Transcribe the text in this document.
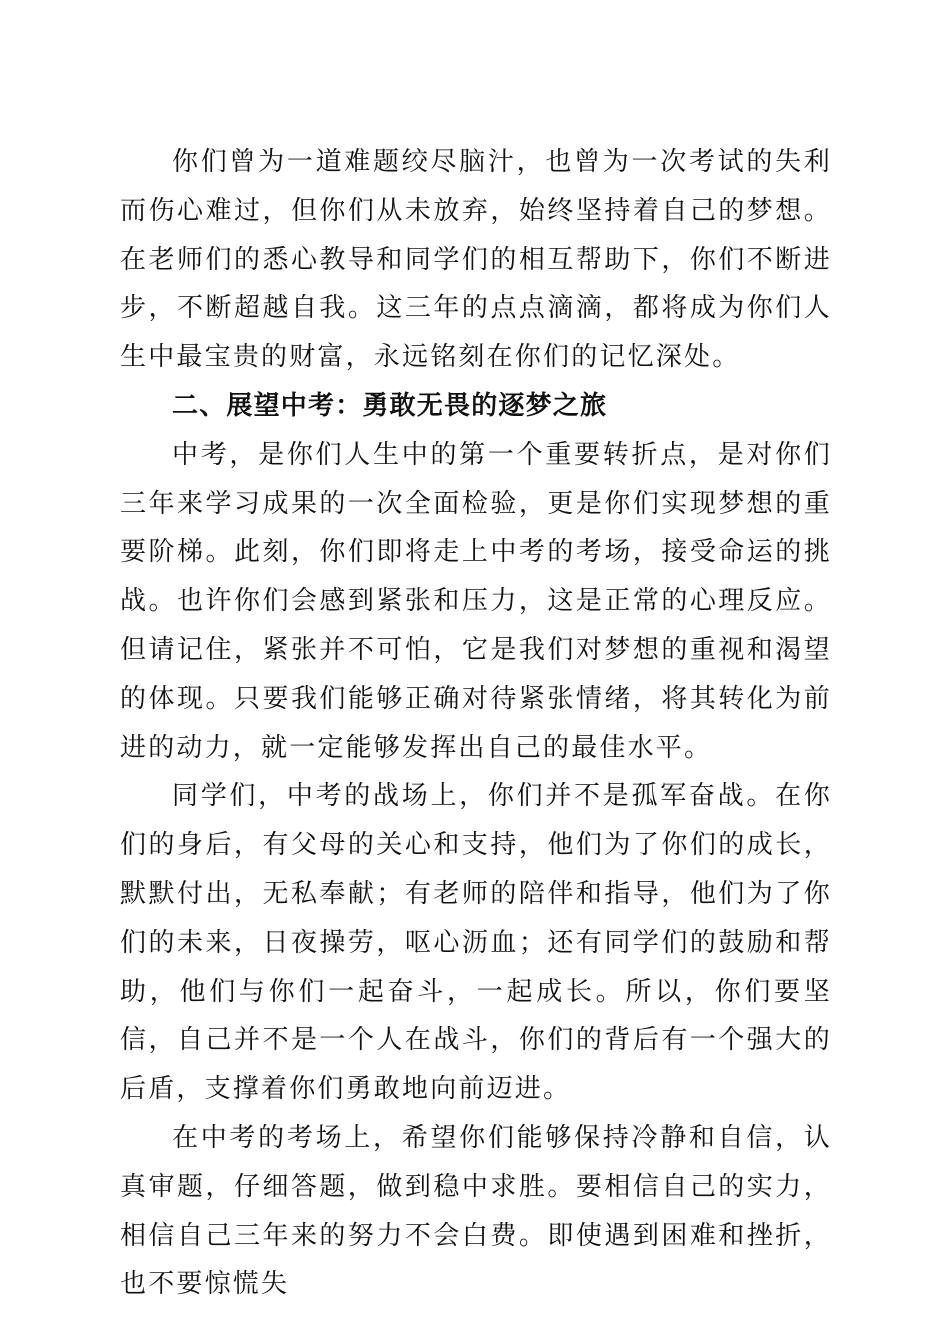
你们曾为一道难题绞尽脑汁，也曾为一次考试的失利而伤心难过，但你们从未放弃，始终坚持着自己的梦想。在老师们的悉心教导和同学们的相互帮助下，你们不断进步，不断超越自我。这三年的点点滴滴，都将成为你们人生中最宝贵的财富，永远铭刻在你们的记忆深处。

二、展望中考：勇敢无畏的逐梦之旅

中考，是你们人生中的第一个重要转折点，是对你们三年来学习成果的一次全面检验，更是你们实现梦想的重要阶梯。此刻，你们即将走上中考的考场，接受命运的挑战。也许你们会感到紧张和压力，这是正常的心理反应。但请记住，紧张并不可怕，它是我们对梦想的重视和渴望的体现。只要我们能够正确对待紧张情绪，将其转化为前进的动力，就一定能够发挥出自己的最佳水平。

同学们，中考的战场上，你们并不是孤军奋战。在你们的身后，有父母的关心和支持，他们为了你们的成长，默默付出，无私奉献；有老师的陪伴和指导，他们为了你们的未来，日夜操劳，呕心沥血；还有同学们的鼓励和帮助，他们与你们一起奋斗，一起成长。所以，你们要坚信，自己并不是一个人在战斗，你们的背后有一个强大的后盾，支撑着你们勇敢地向前迈进。

在中考的考场上，希望你们能够保持冷静和自信，认真审题，仔细答题，做到稳中求胜。要相信自己的实力，相信自己三年来的努力不会白费。即使遇到困难和挫折，也不要惊慌失
